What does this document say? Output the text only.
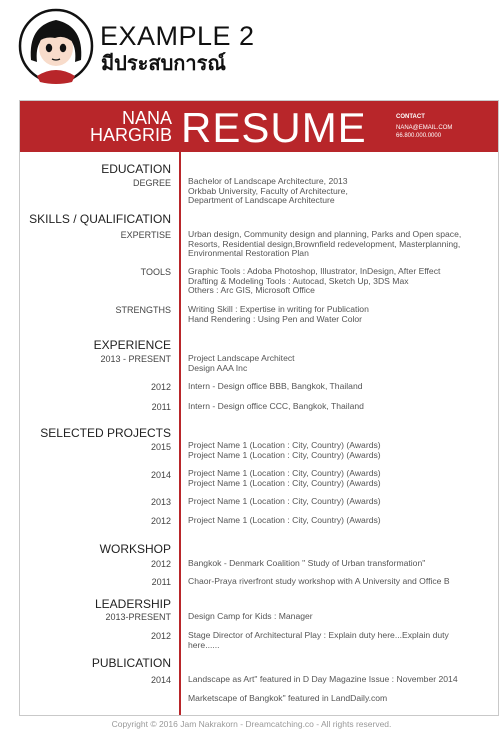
EXAMPLE 2
มีประสบการณ์
NANA
HARGRIB RESUME	CONTACT
NANA@EMAIL.COM
66.800.000.0000
EDUCATION
DEGREE Bachelor of Landscape Architecture, 2013
Orkbab University, Faculty of Architecture,
Department of Landscape Architecture
SKILLS / QUALIFICATION
EXPERTISE Urban design, Community design and planning, Parks and Open space,
Resorts, Residential design,Brownfield redevelopment, Masterplanning,
Environmental Restoration Plan
TOOLS Graphic Tools : Adoba Photoshop, Illustrator, InDesign, After Effect
Drafting & Modeling Tools : Autocad, Sketch Up, 3DS Max
Others : Arc GIS, Microsoft Office
STRENGTHS Writing Skill : Expertise in writing for Publication
Hand Rendering : Using Pen and Water Color
EXPERIENCE
2013 - PRESENT Project Landscape Architect
Design AAA Inc
2012 Intern - Design office BBB, Bangkok, Thailand
2011 Intern - Design office CCC, Bangkok, Thailand
SELECTED PROJECTS
2015 Project Name 1 (Location : City, Country) (Awards)
Project Name 1 (Location : City, Country) (Awards)
2014 Project Name 1 (Location : City, Country) (Awards)
Project Name 1 (Location : City, Country) (Awards)
2013 Project Name 1 (Location : City, Country) (Awards)
2012 Project Name 1 (Location : City, Country) (Awards)
WORKSHOP
2012 Bangkok - Denmark Coalition " Study of Urban transformation"
2011 Chaor-Praya riverfront study workshop with A University and Office B
LEADERSHIP
2013-PRESENT Design Camp for Kids : Manager
2012 Stage Director of Architectural Play : Explain duty here...Explain duty
here......
PUBLICATION
2014 Landscape as Art" featured in D Day Magazine Issue : November 2014
Marketscape of Bangkok" featured in LandDaily.com
Copyright © 2016 Jam Nakrakorn - Dreamcatching.co - All rights reserved.
